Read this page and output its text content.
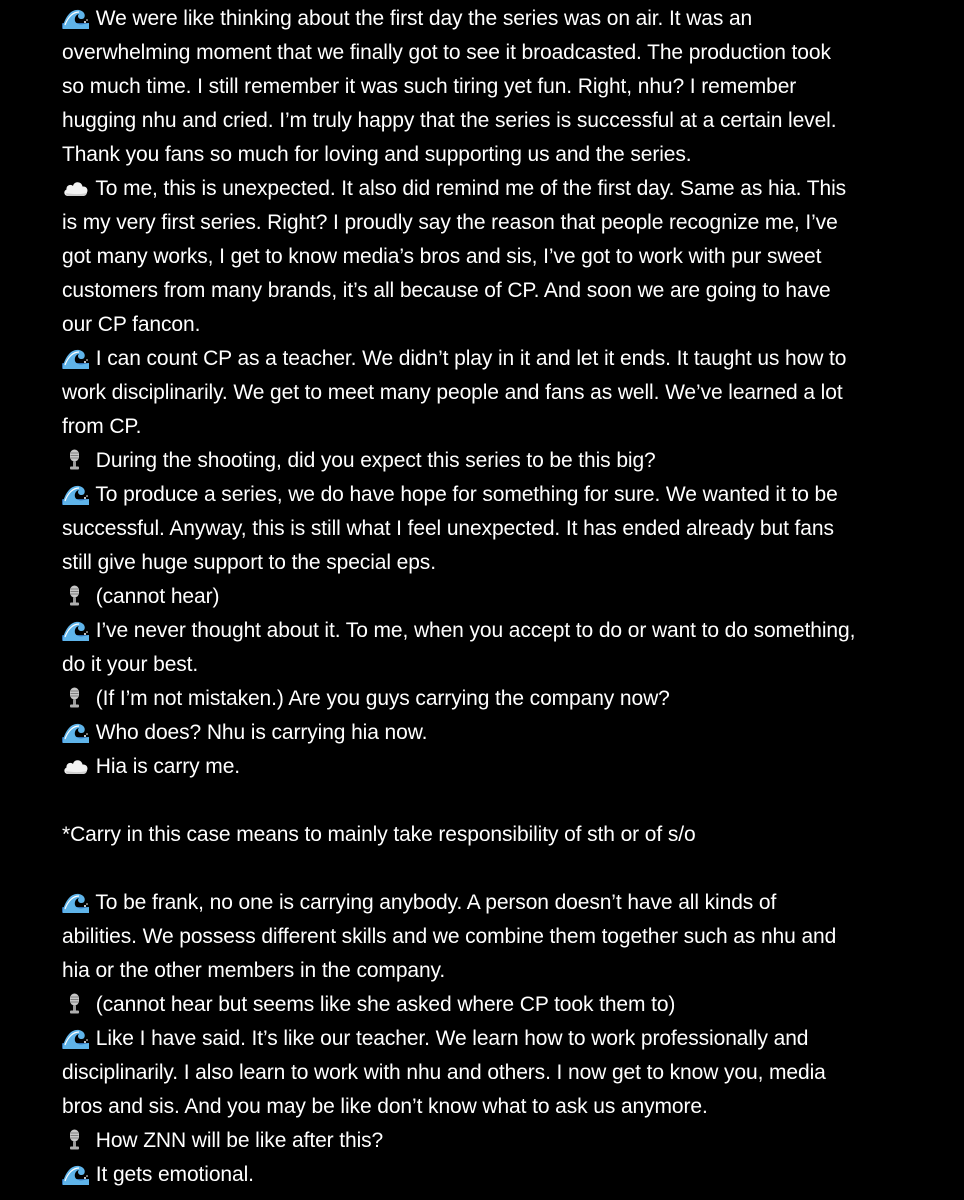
We were like thinking about the first day the series was on air. It was an
overwhelming moment that we finally got to see it broadcasted. The production took
so much time. I still remember it was such tiring yet fun. Right, nhu? I remember
hugging nhu and cried. I’m truly happy that the series is successful at a certain level.
Thank you fans so much for loving and supporting us and the series.
To me, this is unexpected. It also did remind me of the first day. Same as hia. This
is my very first series. Right? I proudly say the reason that people recognize me, I’ve
got many works, I get to know media’s bros and sis, I’ve got to work with pur sweet
customers from many brands, it’s all because of CP. And soon we are going to have
our CP fancon.
I can count CP as a teacher. We didn’t play in it and let it ends. It taught us how to
work disciplinarily. We get to meet many people and fans as well. We’ve learned a lot
from CP.
During the shooting, did you expect this series to be this big?
To produce a series, we do have hope for something for sure. We wanted it to be
successful. Anyway, this is still what I feel unexpected. It has ended already but fans
still give huge support to the special eps.
(cannot hear)
I’ve never thought about it. To me, when you accept to do or want to do something,
do it your best.
(If I’m not mistaken.) Are you guys carrying the company now?
Who does? Nhu is carrying hia now.
Hia is carry me.
*Carry in this case means to mainly take responsibility of sth or of s/o
To be frank, no one is carrying anybody. A person doesn’t have all kinds of
abilities. We possess different skills and we combine them together such as nhu and
hia or the other members in the company.
(cannot hear but seems like she asked where CP took them to)
Like I have said. It’s like our teacher. We learn how to work professionally and
disciplinarily. I also learn to work with nhu and others. I now get to know you, media
bros and sis. And you may be like don’t know what to ask us anymore.
How ZNN will be like after this?
It gets emotional.
